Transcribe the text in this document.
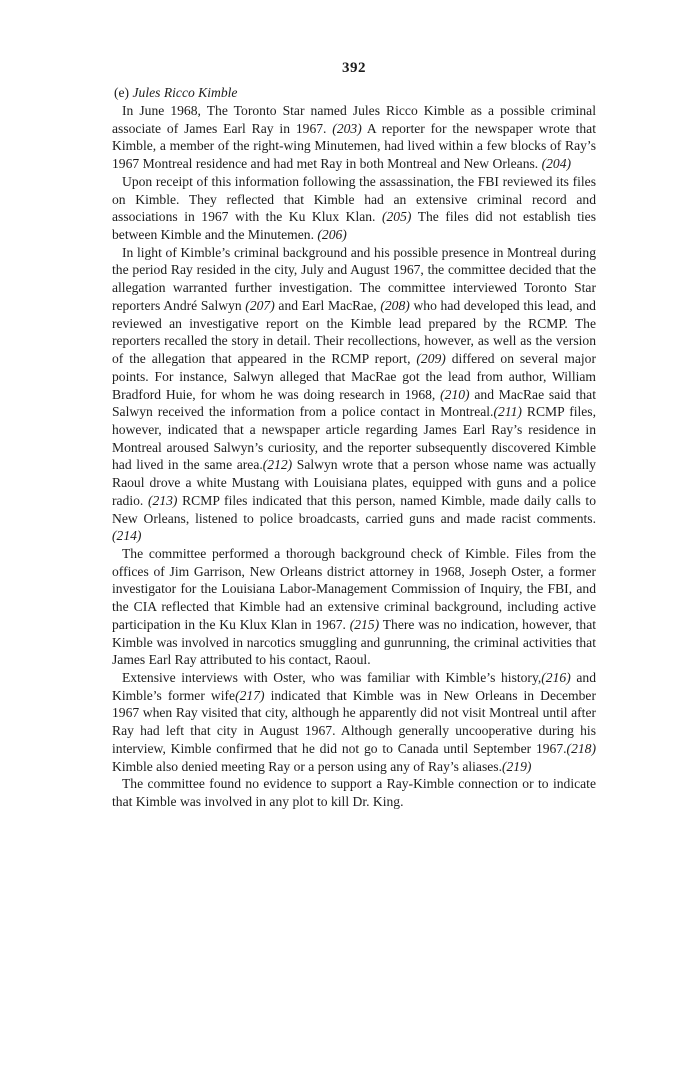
392
(e) Jules Ricco Kimble

In June 1968, The Toronto Star named Jules Ricco Kimble as a possible criminal associate of James Earl Ray in 1967. (203) A reporter for the newspaper wrote that Kimble, a member of the right-wing Minutemen, had lived within a few blocks of Ray’s 1967 Montreal residence and had met Ray in both Montreal and New Orleans. (204)

Upon receipt of this information following the assassination, the FBI reviewed its files on Kimble. They reflected that Kimble had an extensive criminal record and associations in 1967 with the Ku Klux Klan. (205) The files did not establish ties between Kimble and the Minutemen. (206)

In light of Kimble’s criminal background and his possible presence in Montreal during the period Ray resided in the city, July and August 1967, the committee decided that the allegation warranted further investigation. The committee interviewed Toronto Star reporters André Salwyn (207) and Earl MacRae, (208) who had developed this lead, and reviewed an investigative report on the Kimble lead prepared by the RCMP. The reporters recalled the story in detail. Their recollections, however, as well as the version of the allegation that appeared in the RCMP report, (209) differed on several major points. For instance, Salwyn alleged that MacRae got the lead from author, William Bradford Huie, for whom he was doing research in 1968, (210) and MacRae said that Salwyn received the information from a police contact in Montreal.(211) RCMP files, however, indicated that a newspaper article regarding James Earl Ray’s residence in Montreal aroused Salwyn’s curiosity, and the reporter subsequently discovered Kimble had lived in the same area.(212) Salwyn wrote that a person whose name was actually Raoul drove a white Mustang with Louisiana plates, equipped with guns and a police radio. (213) RCMP files indicated that this person, named Kimble, made daily calls to New Orleans, listened to police broadcasts, carried guns and made racist comments. (214)

The committee performed a thorough background check of Kimble. Files from the offices of Jim Garrison, New Orleans district attorney in 1968, Joseph Oster, a former investigator for the Louisiana Labor-Management Commission of Inquiry, the FBI, and the CIA reflected that Kimble had an extensive criminal background, including active participation in the Ku Klux Klan in 1967. (215) There was no indication, however, that Kimble was involved in narcotics smuggling and gunrunning, the criminal activities that James Earl Ray attributed to his contact, Raoul.

Extensive interviews with Oster, who was familiar with Kimble’s history,(216) and Kimble’s former wife(217) indicated that Kimble was in New Orleans in December 1967 when Ray visited that city, although he apparently did not visit Montreal until after Ray had left that city in August 1967. Although generally uncooperative during his interview, Kimble confirmed that he did not go to Canada until September 1967.(218) Kimble also denied meeting Ray or a person using any of Ray’s aliases.(219)

The committee found no evidence to support a Ray-Kimble connection or to indicate that Kimble was involved in any plot to kill Dr. King.
